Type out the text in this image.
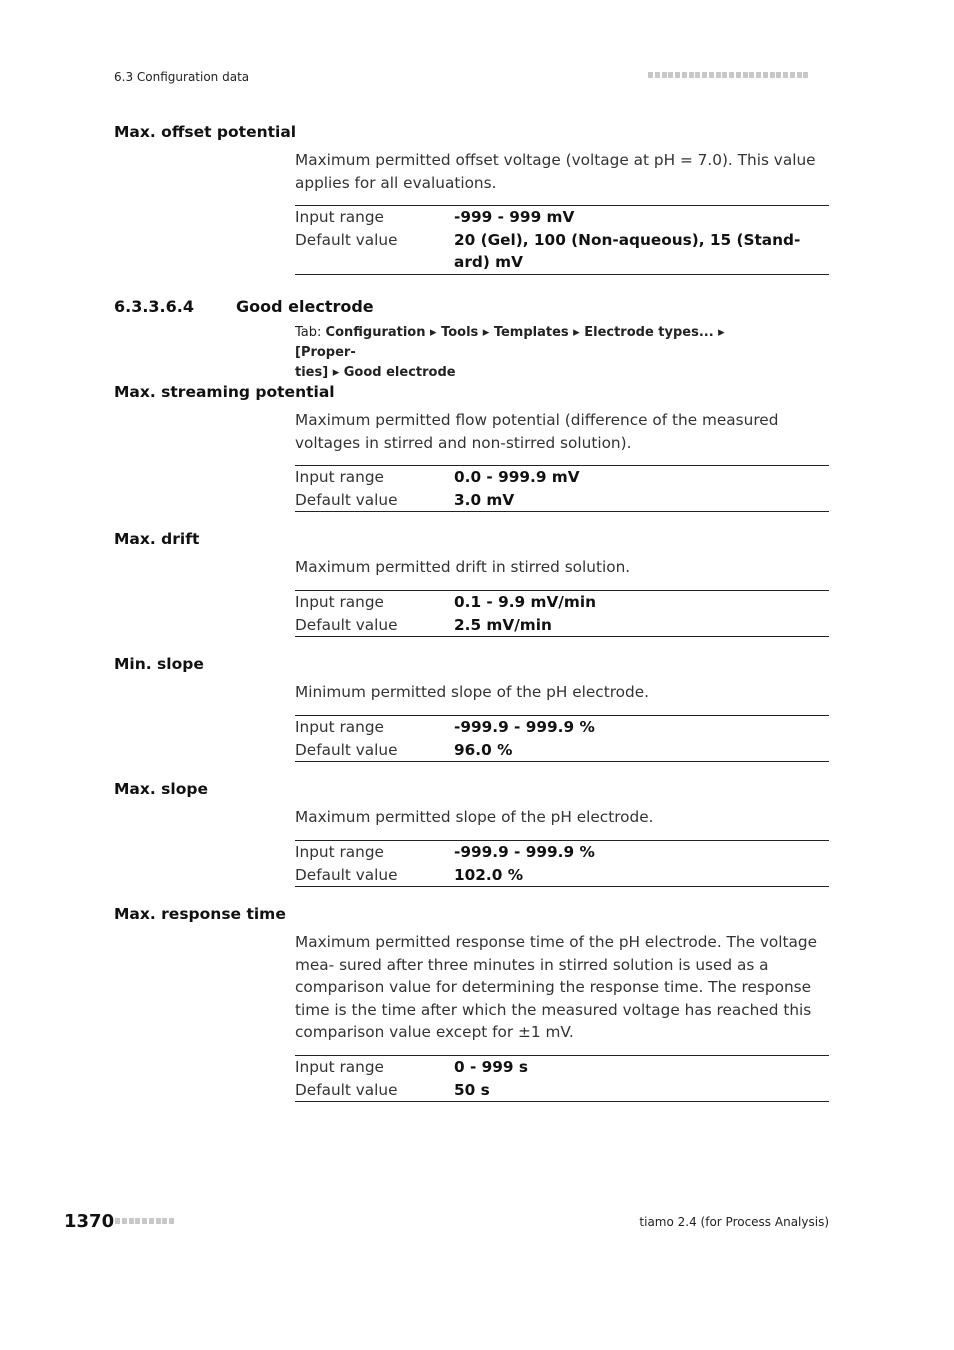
6.3 Configuration data
Max. offset potential
Maximum permitted offset voltage (voltage at pH = 7.0). This value applies for all evaluations.
Input range	-999 - 999 mV
Default value	20 (Gel), 100 (Non-aqueous), 15 (Stand-
ard) mV
6.3.3.6.4	Good electrode
Tab: Configuration ▸ Tools ▸ Templates ▸ Electrode types... ▸ [Proper-
ties] ▸ Good electrode
Max. streaming potential
Maximum permitted flow potential (difference of the measured voltages in stirred and non-stirred solution).
Input range	0.0 - 999.9 mV
Default value	3.0 mV
Max. drift
Maximum permitted drift in stirred solution.
Input range	0.1 - 9.9 mV/min
Default value	2.5 mV/min
Min. slope
Minimum permitted slope of the pH electrode.
Input range	-999.9 - 999.9 %
Default value	96.0 %
Max. slope
Maximum permitted slope of the pH electrode.
Input range	-999.9 - 999.9 %
Default value	102.0 %
Max. response time
Maximum permitted response time of the pH electrode. The voltage mea- sured after three minutes in stirred solution is used as a comparison value for determining the response time. The response time is the time after which the measured voltage has reached this comparison value except for ±1 mV.
Input range	0 - 999 s
Default value	50 s
1370	tiamo 2.4 (for Process Analysis)
